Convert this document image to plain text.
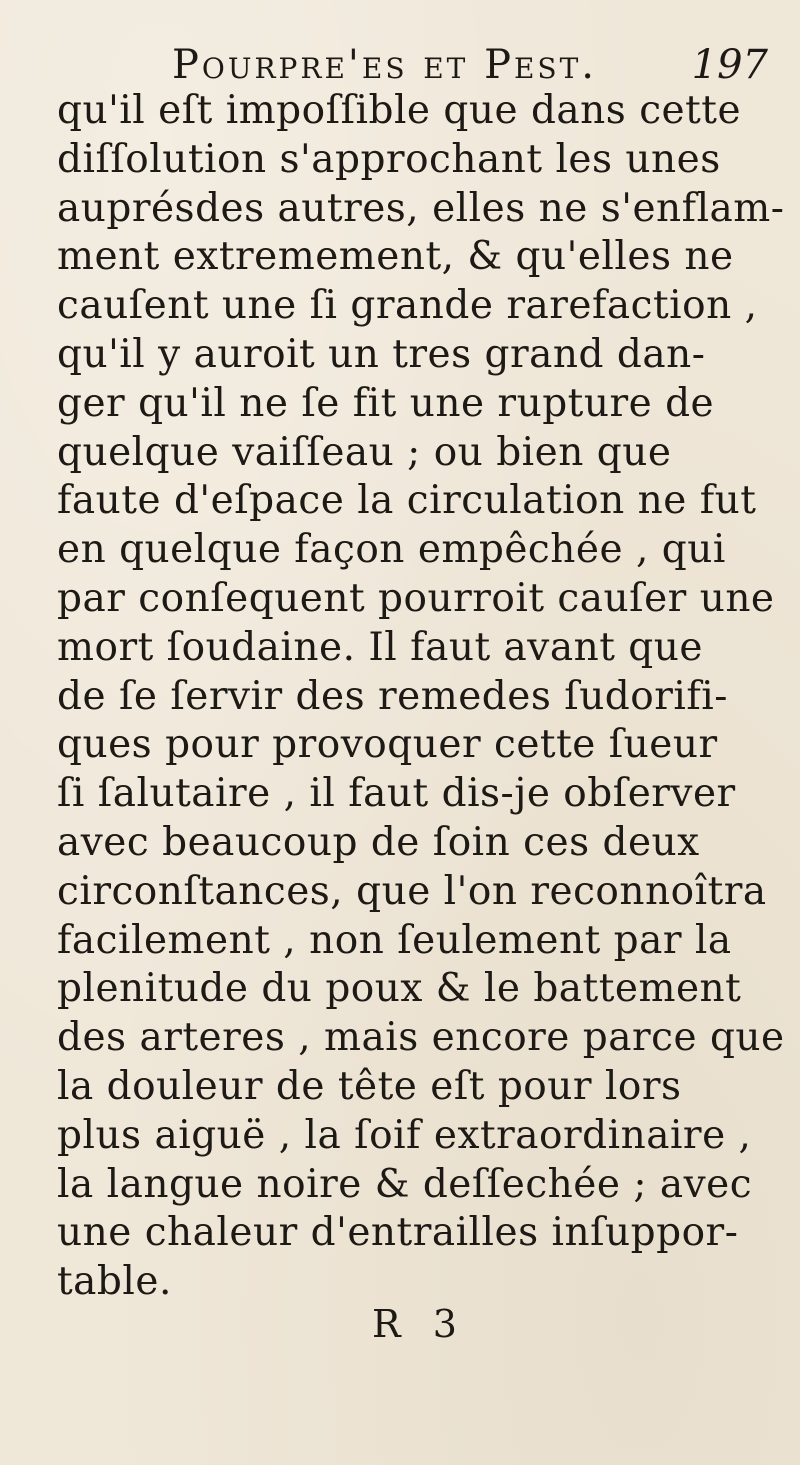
Pourpre'es et Pest. 197
qu'il eſt impoſſible que dans cette
diſſolution s'approchant les unes
auprésdes autres, elles ne s'enflam-
ment extremement, & qu'elles ne
cauſent une ſi grande rarefaction ,
qu'il y auroit un tres grand dan-
ger qu'il ne ſe fit une rupture de
quelque vaiſſeau ; ou bien que
faute d'eſpace la circulation ne fut
en quelque façon empêchée , qui
par conſequent pourroit cauſer une
mort ſoudaine. Il faut avant que
de ſe ſervir des remedes ſudorifi-
ques pour provoquer cette ſueur
ſi ſalutaire , il faut dis-je obſerver
avec beaucoup de ſoin ces deux
circonſtances, que l'on reconnoîtra
facilement , non ſeulement par la
plenitude du poux & le battement
des arteres , mais encore parce que
la douleur de tête eſt pour lors
plus aiguë , la ſoif extraordinaire ,
la langue noire & deſſechée ; avec
une chaleur d'entrailles inſuppor-
table.
R 3
